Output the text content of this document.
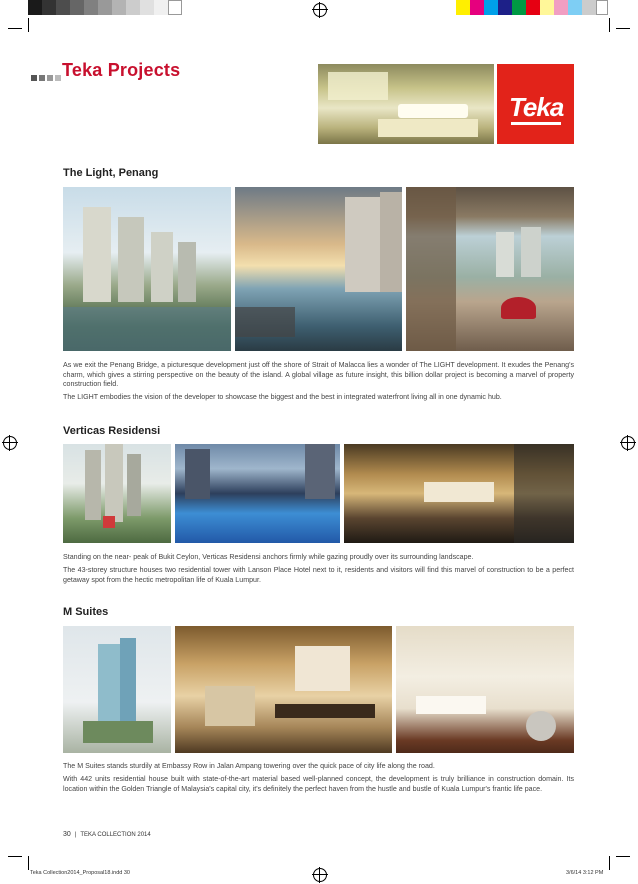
Teka Projects
Teka
The Light, Penang

As we exit the Penang Bridge, a picturesque development just off the shore of Strait of Malacca lies a wonder of The LIGHT development. It exudes the Penang's charm, which gives a stirring perspective on the beauty of the island. A global village as future insight, this billion dollar project is becoming a marvel of property construction field.

The LIGHT embodies the vision of the developer to showcase the biggest and the best in integrated waterfront living all in one dynamic hub.

Verticas Residensi

Standing on the near- peak of Bukit Ceylon, Verticas Residensi anchors firmly while gazing proudly over its surrounding landscape.

The 43-storey structure houses two residential tower with Lanson Place Hotel next to it, residents and visitors will find this marvel of construction to be a perfect getaway spot from the hectic metropolitan life of Kuala Lumpur.

M Suites

The M Suites stands sturdily at Embassy Row in Jalan Ampang towering over the quick pace of city life along the road.

With 442 units residential house built with state-of-the-art material based well-planned concept, the development is truly brilliance in construction domain. Its location within the Golden Triangle of Malaysia's capital city, it's definitely the perfect haven from the hustle and bustle of Kuala Lumpur's frantic life pace.

30 | TEKA COLLECTION 2014
Teka Collection2014_Proposal18.indd 30	3/6/14 3:12 PM
